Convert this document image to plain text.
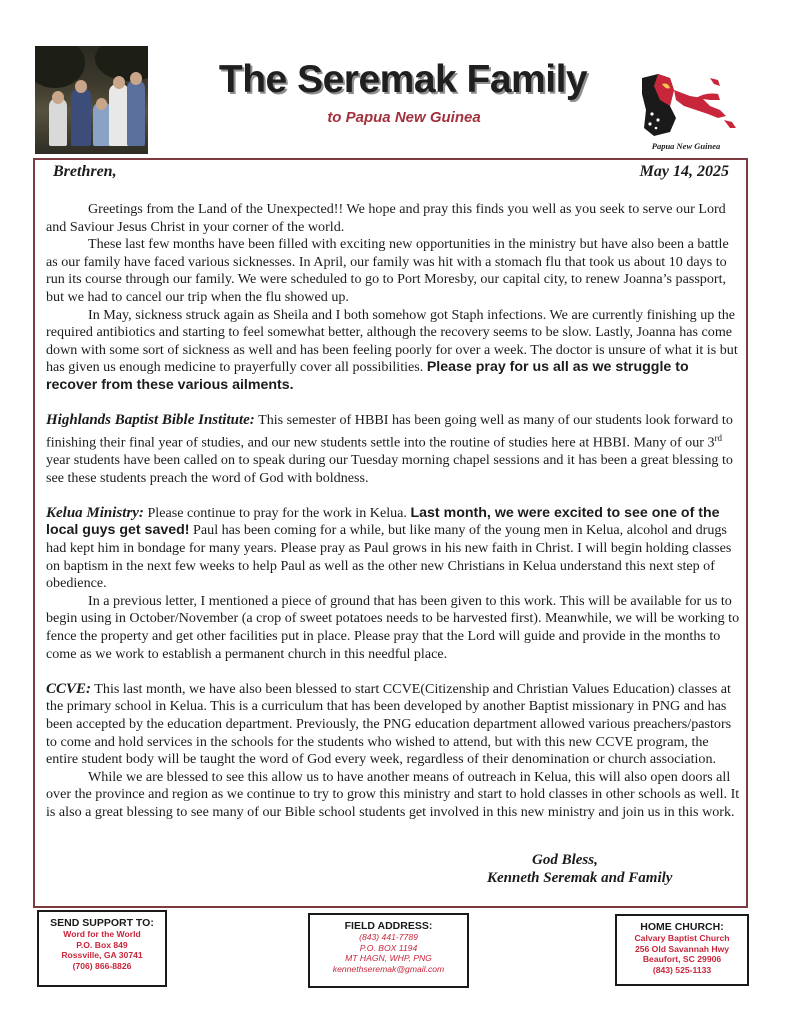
The Seremak Family
to Papua New Guinea
Papua New Guinea
Brethren,	May 14, 2025

Greetings from the Land of the Unexpected!! We hope and pray this finds you well as you seek to serve our Lord and Saviour Jesus Christ in your corner of the world.

These last few months have been filled with exciting new opportunities in the ministry but have also been a battle as our family have faced various sicknesses. In April, our family was hit with a stomach flu that took us about 10 days to run its course through our family. We were scheduled to go to Port Moresby, our capital city, to renew Joanna’s passport, but we had to cancel our trip when the flu showed up.

In May, sickness struck again as Sheila and I both somehow got Staph infections. We are currently finishing up the required antibiotics and starting to feel somewhat better, although the recovery seems to be slow. Lastly, Joanna has come down with some sort of sickness as well and has been feeling poorly for over a week. The doctor is unsure of what it is but has given us enough medicine to prayerfully cover all possibilities. Please pray for us all as we struggle to recover from these various ailments.

Highlands Baptist Bible Institute: This semester of HBBI has been going well as many of our students look forward to finishing their final year of studies, and our new students settle into the routine of studies here at HBBI. Many of our 3rd year students have been called on to speak during our Tuesday morning chapel sessions and it has been a great blessing to see these students preach the word of God with boldness.

Kelua Ministry: Please continue to pray for the work in Kelua. Last month, we were excited to see one of the local guys get saved! Paul has been coming for a while, but like many of the young men in Kelua, alcohol and drugs had kept him in bondage for many years. Please pray as Paul grows in his new faith in Christ. I will begin holding classes on baptism in the next few weeks to help Paul as well as the other new Christians in Kelua understand this next step of obedience.

In a previous letter, I mentioned a piece of ground that has been given to this work. This will be available for us to begin using in October/November (a crop of sweet potatoes needs to be harvested first). Meanwhile, we will be working to fence the property and get other facilities put in place. Please pray that the Lord will guide and provide in the months to come as we work to establish a permanent church in this needful place.

CCVE: This last month, we have also been blessed to start CCVE(Citizenship and Christian Values Education) classes at the primary school in Kelua. This is a curriculum that has been developed by another Baptist missionary in PNG and has been accepted by the education department. Previously, the PNG education department allowed various preachers/pastors to come and hold services in the schools for the students who wished to attend, but with this new CCVE program, the entire student body will be taught the word of God every week, regardless of their denomination or church association.

While we are blessed to see this allow us to have another means of outreach in Kelua, this will also open doors all over the province and region as we continue to try to grow this ministry and start to hold classes in other schools as well. It is also a great blessing to see many of our Bible school students get involved in this new ministry and join us in this work.

God Bless,
Kenneth Seremak and Family
SEND SUPPORT TO:
Word for the World
P.O. Box 849
Rossville, GA 30741
(706) 866-8826
FIELD ADDRESS:
(843) 441-7789
P.O. BOX 1194
MT HAGN, WHP, PNG
kennethseremak@gmail.com
HOME CHURCH:
Calvary Baptist Church
256 Old Savannah Hwy
Beaufort, SC 29906
(843) 525-1133
